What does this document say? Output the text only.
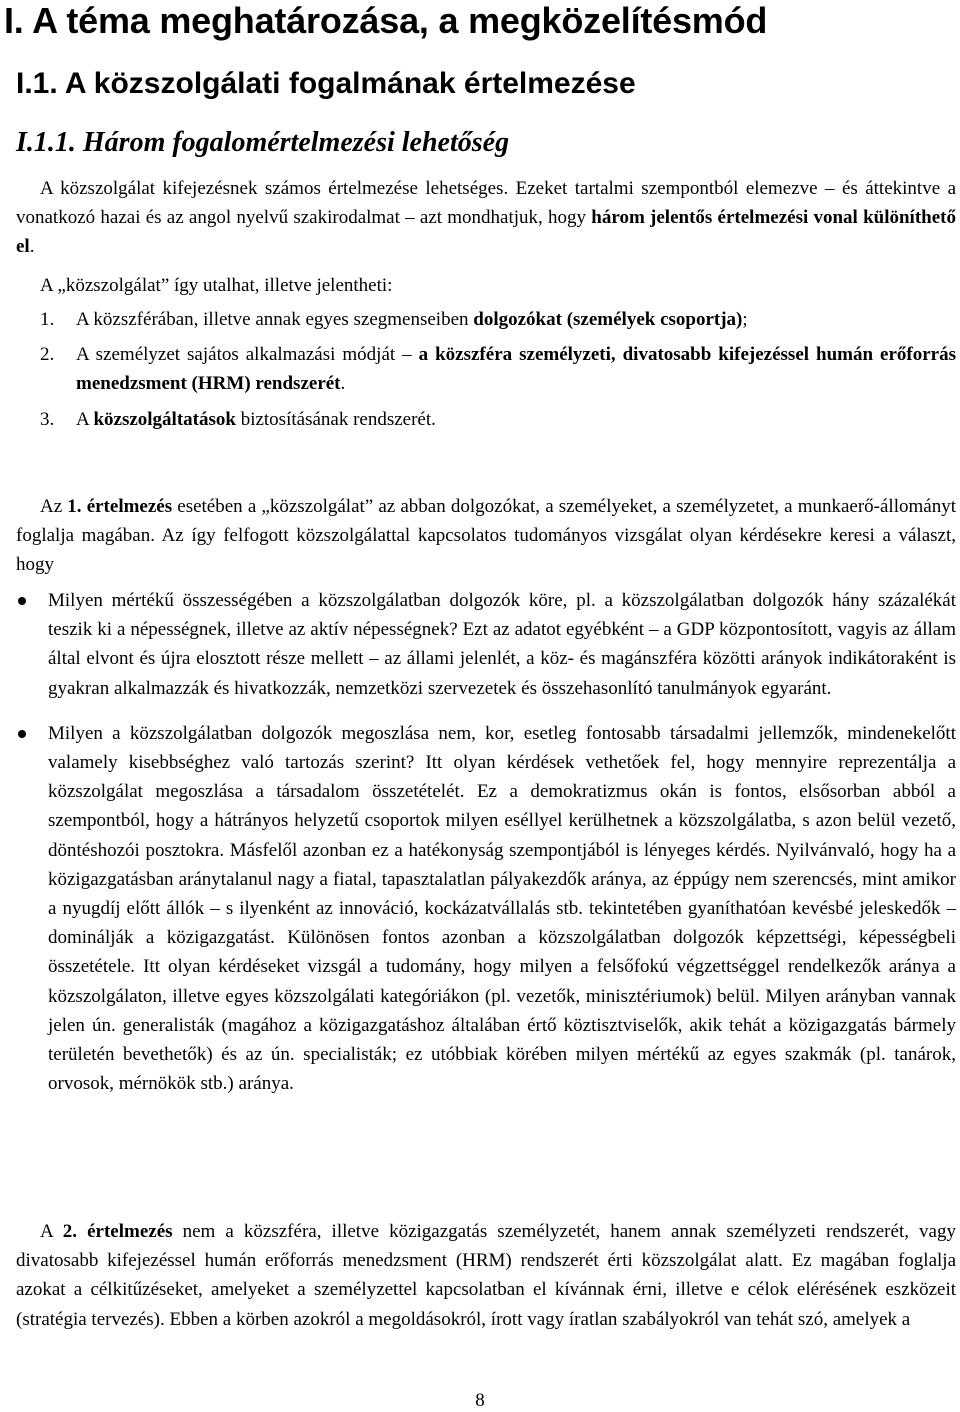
I. A téma meghatározása, a megközelítésmód
I.1. A közszolgálati fogalmának értelmezése
I.1.1. Három fogalomértelmezési lehetőség

A közszolgálat kifejezésnek számos értelmezése lehetséges. Ezeket tartalmi szempontból elemezve – és áttekintve a vonatkozó hazai és az angol nyelvű szakirodalmat – azt mondhatjuk, hogy három jelentős értelmezési vonal különíthető el.

A „közszolgálat” így utalhat, illetve jelentheti:

1. A közszférában, illetve annak egyes szegmenseiben dolgozókat (személyek csoportja);
2. A személyzet sajátos alkalmazási módját – a közszféra személyzeti, divatosabb kifejezéssel humán erőforrás menedzsment (HRM) rendszerét.
3. A közszolgáltatások biztosításának rendszerét.

Az 1. értelmezés esetében a „közszolgálat” az abban dolgozókat, a személyeket, a személyzetet, a munkaerő-állományt foglalja magában. Az így felfogott közszolgálattal kapcsolatos tudományos vizsgálat olyan kérdésekre keresi a választ, hogy

Milyen mértékű összességében a közszolgálatban dolgozók köre, pl. a közszolgálatban dolgozók hány százalékát teszik ki a népességnek, illetve az aktív népességnek? Ezt az adatot egyébként – a GDP központosított, vagyis az állam által elvont és újra elosztott része mellett – az állami jelenlét, a köz- és magánszféra közötti arányok indikátoraként is gyakran alkalmazzák és hivatkozzák, nemzetközi szervezetek és összehasonlító tanulmányok egyaránt.
Milyen a közszolgálatban dolgozók megoszlása nem, kor, esetleg fontosabb társadalmi jellemzők, mindenekelőtt valamely kisebbséghez való tartozás szerint? Itt olyan kérdések vethetőek fel, hogy mennyire reprezentálja a közszolgálat megoszlása a társadalom összetételét. Ez a demokratizmus okán is fontos, elsősorban abból a szempontból, hogy a hátrányos helyzetű csoportok milyen eséllyel kerülhetnek a közszolgálatba, s azon belül vezető, döntéshozói posztokra. Másfelől azonban ez a hatékonyság szempontjából is lényeges kérdés. Nyilvánvaló, hogy ha a közigazgatásban aránytalanul nagy a fiatal, tapasztalatlan pályakezdők aránya, az éppúgy nem szerencsés, mint amikor a nyugdíj előtt állók – s ilyenként az innováció, kockázatvállalás stb. tekintetében gyaníthatóan kevésbé jeleskedők – dominálják a közigazgatást. Különösen fontos azonban a közszolgálatban dolgozók képzettségi, képességbeli összetétele. Itt olyan kérdéseket vizsgál a tudomány, hogy milyen a felsőfokú végzettséggel rendelkezők aránya a közszolgálaton, illetve egyes közszolgálati kategóriákon (pl. vezetők, minisztériumok) belül. Milyen arányban vannak jelen ún. generalisták (magához a közigazgatáshoz általában értő köztisztviselők, akik tehát a közigazgatás bármely területén bevethetők) és az ún. specialisták; ez utóbbiak körében milyen mértékű az egyes szakmák (pl. tanárok, orvosok, mérnökök stb.) aránya.

A 2. értelmezés nem a közszféra, illetve közigazgatás személyzetét, hanem annak személyzeti rendszerét, vagy divatosabb kifejezéssel humán erőforrás menedzsment (HRM) rendszerét érti közszolgálat alatt. Ez magában foglalja azokat a célkitűzéseket, amelyeket a személyzettel kapcsolatban el kívánnak érni, illetve e célok elérésének eszközeit (stratégia tervezés). Ebben a körben azokról a megoldásokról, írott vagy íratlan szabályokról van tehát szó, amelyek a

8
